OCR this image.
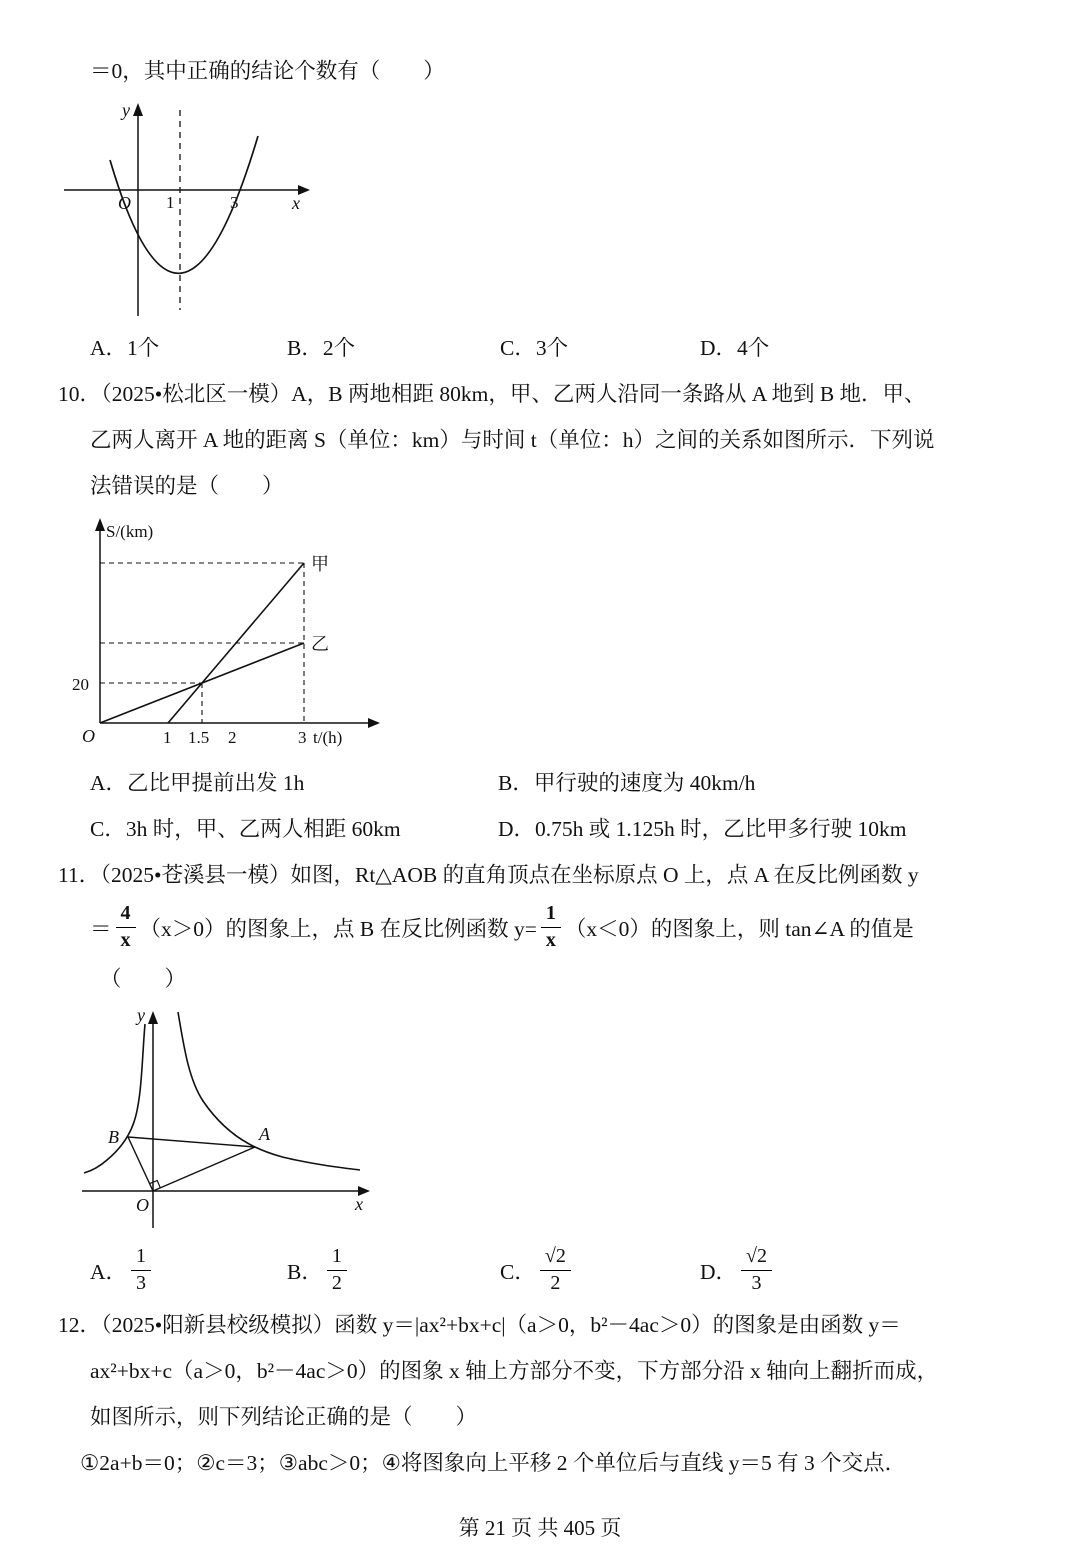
＝0，其中正确的结论个数有（　　）
y
x
O 1	3
A．1个	B．2个	C．3个	D．4个
10．（2025•松北区一模）A，B 两地相距 80km，甲、乙两人沿同一条路从 A 地到 B 地．甲、
乙两人离开 A 地的距离 S（单位：km）与时间 t（单位：h）之间的关系如图所示．下列说
法错误的是（　　）
S/(km)
甲
乙
20
O	1 1.5 2	3 t/(h)
A．乙比甲提前出发 1h	B．甲行驶的速度为 40km/h
C．3h 时，甲、乙两人相距 60km	D．0.75h 或 1.125h 时，乙比甲多行驶 10km
11．（2025•苍溪县一模）如图，Rt△AOB 的直角顶点在坐标原点 O 上，点 A 在反比例函数 y
＝ $\frac{4}{x} (x>0)$的图象上，点 B 在反比例函数 $y= \frac{1}{x} (x<0)$的图象上，则 tan∠A 的值是
（　　）
y
x
O
B	A
A． $\frac{1}{3}$	B． $\frac{1}{2}$	C． $\frac{√2}{2}$	D． $\frac{√2}{3}$
12．（2025•阳新县校级模拟）函数 y＝|ax²+bx+c|（a＞0，b²－4ac＞0）的图象是由函数 y＝
ax²+bx+c（a＞0，b²－4ac＞0）的图象 x 轴上方部分不变，下方部分沿 x 轴向上翻折而成，
如图所示，则下列结论正确的是（　　）
①2a+b＝0；②c＝3；③abc＞0；④将图象向上平移 2 个单位后与直线 y＝5 有 3 个交点．
第 21 页 共 405 页
